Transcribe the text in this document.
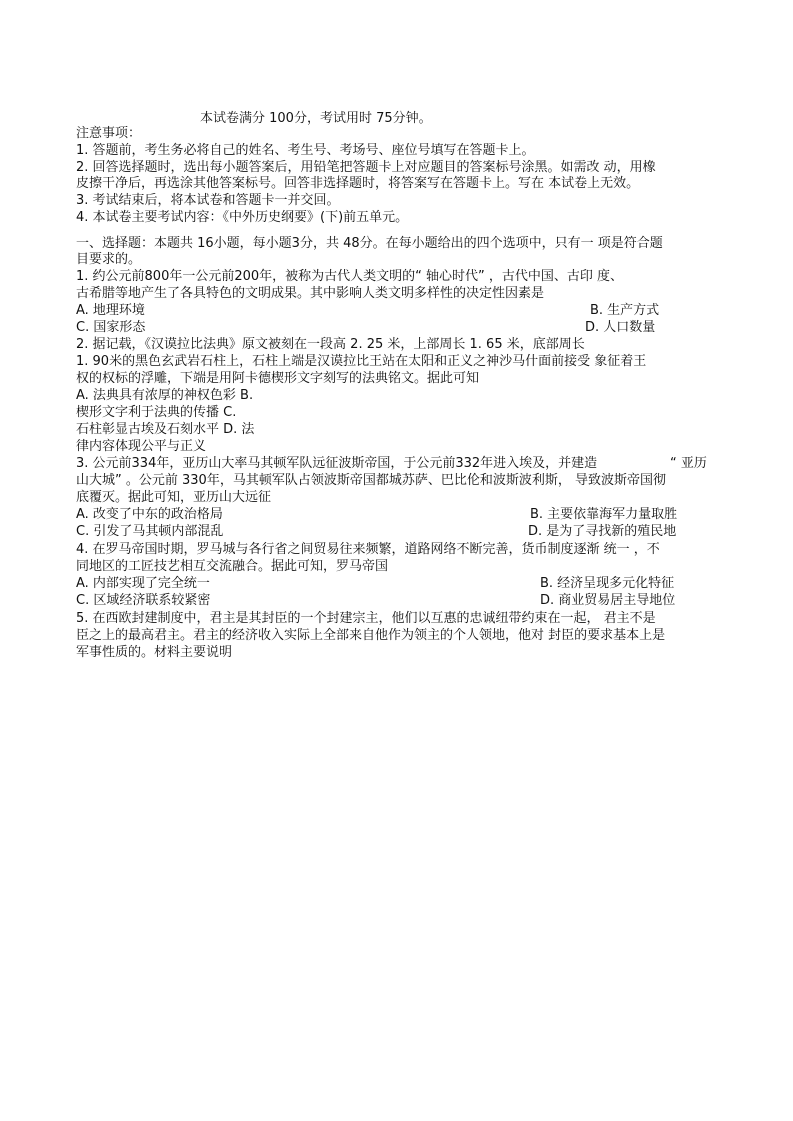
本试卷满分 100分，考试用时 75分钟。
注意事项：
1. 答题前，考生务必将自己的姓名、考生号、考场号、座位号填写在答题卡上。
2. 回答选择题时，选出每小题答案后，用铅笔把答题卡上对应题目的答案标号涂黑。如需改 动，用橡
皮擦干净后，再选涂其他答案标号。回答非选择题时，将答案写在答题卡上。写在 本试卷上无效。
3. 考试结束后，将本试卷和答题卡一并交回。
4. 本试卷主要考试内容：《中外历史纲要》(下)前五单元。
一、选择题：本题共 16小题，每小题3分，共 48分。在每小题给出的四个选项中，只有一 项是符合题
目要求的。
1. 约公元前800年一公元前200年，被称为古代人类文明的“ 轴心时代” ，古代中国、古印 度、
古希腊等地产生了各具特色的文明成果。其中影响人类文明多样性的决定性因素是
A. 地理环境	B. 生产方式
C. 国家形态	D. 人口数量
2. 据记载，《汉谟拉比法典》原文被刻在一段高 2. 25 米，上部周长 1. 65 米，底部周长
1. 90米的黑色玄武岩石柱上，石柱上端是汉谟拉比王站在太阳和正义之神沙马什面前接受 象征着王
权的权标的浮雕，下端是用阿卡德楔形文字刻写的法典铭文。据此可知
A. 法典具有浓厚的神权色彩 B.
楔形文字利于法典的传播 C.
石柱彰显古埃及石刻水平 D. 法
律内容体现公平与正义
3. 公元前334年，亚历山大率马其顿军队远征波斯帝国，于公元前332年进入埃及，并建造	“ 亚历
山大城” 。公元前 330年，马其顿军队占领波斯帝国都城苏萨、巴比伦和波斯波利斯， 导致波斯帝国彻
底覆灭。据此可知，亚历山大远征
A. 改变了中东的政治格局	B. 主要依靠海军力量取胜
C. 引发了马其顿内部混乱	D. 是为了寻找新的殖民地
4. 在罗马帝国时期，罗马城与各行省之间贸易往来频繁，道路网络不断完善，货币制度逐渐 统一 ，不
同地区的工匠技艺相互交流融合。据此可知，罗马帝国
A. 内部实现了完全统一	B. 经济呈现多元化特征
C. 区域经济联系较紧密	D. 商业贸易居主导地位
5. 在西欧封建制度中，君主是其封臣的一个封建宗主，他们以互惠的忠诚纽带约束在一起， 君主不是
臣之上的最高君主。君主的经济收入实际上全部来自他作为领主的个人领地，他对 封臣的要求基本上是
军事性质的。材料主要说明
